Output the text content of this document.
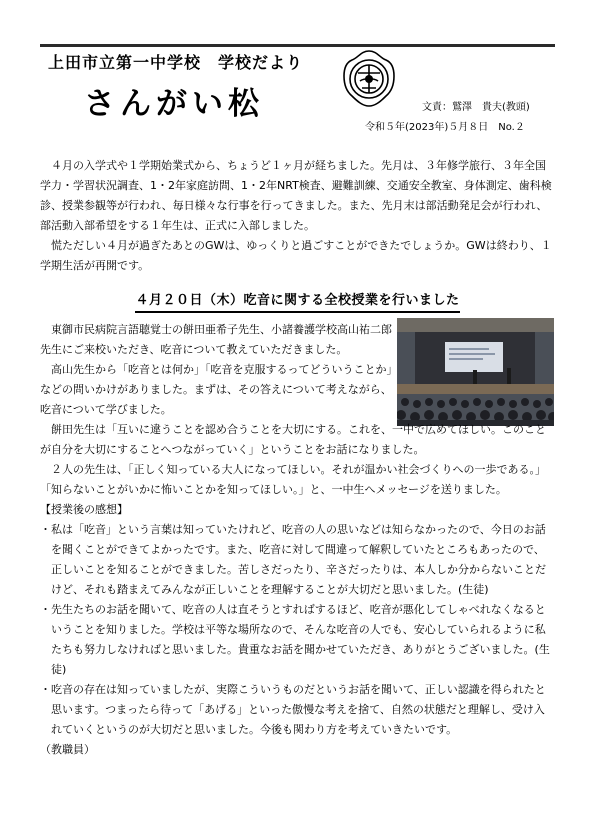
上田市立第一中学校　学校だより
さんがい松	文責：鷲澤　貴夫(教頭)
令和５年(2023年)５月８日　No.２

４月の入学式や１学期始業式から、ちょうど１ヶ月が経ちました。先月は、３年修学旅行、３年全国学力・学習状況調査、1・2年家庭訪問、1・2年NRT検査、避難訓練、交通安全教室、身体測定、歯科検診、授業参観等が行われ、毎日様々な行事を行ってきました。また、先月末は部活動発足会が行われ、部活動入部希望をする１年生は、正式に入部しました。

慌ただしい４月が過ぎたあとのGWは、ゆっくりと過ごすことができたでしょうか。GWは終わり、１学期生活が再開です。

４月２０日（木）吃音に関する全校授業を行いました

東御市民病院言語聴覚士の餅田亜希子先生、小諸養護学校高山祐二郎先生にご来校いただき、吃音について教えていただきました。

高山先生から「吃音とは何か」「吃音を克服するってどういうことか」などの問いかけがありました。まずは、その答えについて考えながら、吃音について学びました。

餅田先生は「互いに違うことを認め合うことを大切にする。これを、一中で広めてほしい。このことが自分を大切にすることへつながっていく」ということをお話になりました。

２人の先生は、「正しく知っている大人になってほしい。それが温かい社会づくりへの一歩である。」「知らないことがいかに怖いことかを知ってほしい。」と、一中生へメッセージを送りました。

【授業後の感想】

・私は「吃音」という言葉は知っていたけれど、吃音の人の思いなどは知らなかったので、今日のお話を聞くことができてよかったです。また、吃音に対して間違って解釈していたところもあったので、正しいことを知ることができました。苦しさだったり、辛さだったりは、本人しか分からないことだけど、それも踏まえてみんなが正しいことを理解することが大切だと思いました。(生徒)

・先生たちのお話を聞いて、吃音の人は直そうとすればするほど、吃音が悪化してしゃべれなくなるということを知りました。学校は平等な場所なので、そんな吃音の人でも、安心していられるように私たちも努力しなければと思いました。貴重なお話を聞かせていただき、ありがとうございました。(生徒)

・吃音の存在は知っていましたが、実際こういうものだというお話を聞いて、正しい認識を得られたと思います。つまったら待って「あげる」といった傲慢な考えを捨て、自然の状態だと理解し、受け入れていくというのが大切だと思いました。今後も関わり方を考えていきたいです。

（教職員）
